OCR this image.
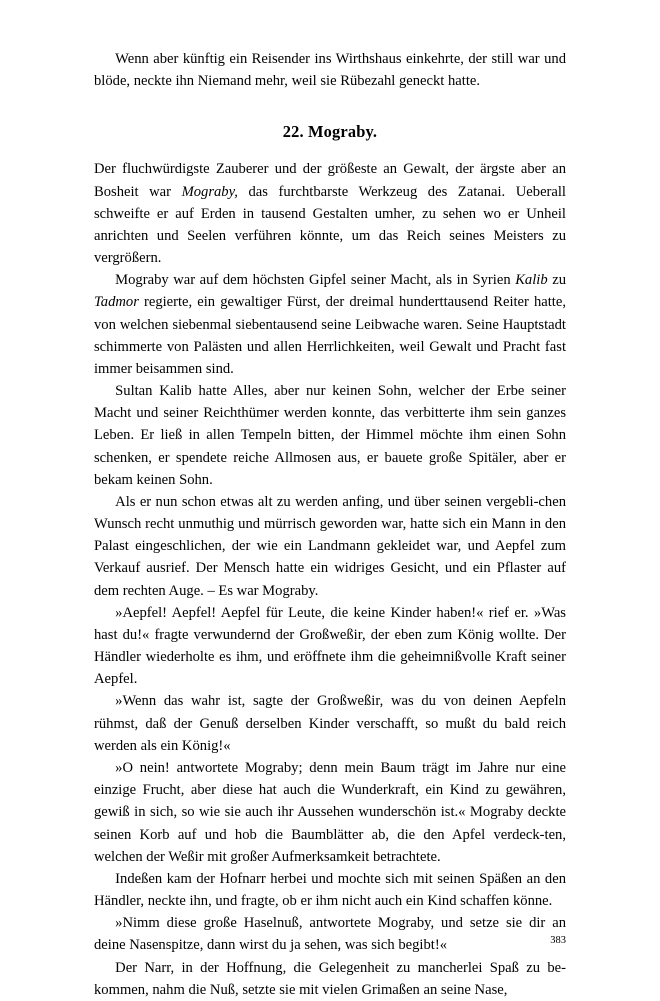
Wenn aber künftig ein Reisender ins Wirthshaus einkehrte, der still war und blöde, neckte ihn Niemand mehr, weil sie Rübezahl geneckt hatte.

22. Mograby.

Der fluchwürdigste Zauberer und der größeste an Gewalt, der ärgste aber an Bosheit war Mograby, das furchtbarste Werkzeug des Zatanai. Ueberall schweifte er auf Erden in tausend Gestalten umher, zu sehen wo er Unheil anrichten und Seelen verführen könnte, um das Reich seines Meisters zu vergrößern.

Mograby war auf dem höchsten Gipfel seiner Macht, als in Syrien Kalib zu Tadmor regierte, ein gewaltiger Fürst, der dreimal hunderttausend Reiter hatte, von welchen siebenmal siebentausend seine Leibwache waren. Seine Hauptstadt schimmerte von Palästen und allen Herrlichkeiten, weil Gewalt und Pracht fast immer beisammen sind.

Sultan Kalib hatte Alles, aber nur keinen Sohn, welcher der Erbe seiner Macht und seiner Reichthümer werden konnte, das verbitterte ihm sein ganzes Leben. Er ließ in allen Tempeln bitten, der Himmel möchte ihm einen Sohn schenken, er spendete reiche Allmosen aus, er bauete große Spitäler, aber er bekam keinen Sohn.

Als er nun schon etwas alt zu werden anfing, und über seinen vergebli-chen Wunsch recht unmuthig und mürrisch geworden war, hatte sich ein Mann in den Palast eingeschlichen, der wie ein Landmann gekleidet war, und Aepfel zum Verkauf ausrief. Der Mensch hatte ein widriges Gesicht, und ein Pflaster auf dem rechten Auge. – Es war Mograby.

»Aepfel! Aepfel! Aepfel für Leute, die keine Kinder haben!« rief er. »Was hast du!« fragte verwundernd der Großweßir, der eben zum König wollte. Der Händler wiederholte es ihm, und eröffnete ihm die geheimnißvolle Kraft seiner Aepfel.

»Wenn das wahr ist, sagte der Großweßir, was du von deinen Aepfeln rühmst, daß der Genuß derselben Kinder verschafft, so mußt du bald reich werden als ein König!«

»O nein! antwortete Mograby; denn mein Baum trägt im Jahre nur eine einzige Frucht, aber diese hat auch die Wunderkraft, ein Kind zu gewähren, gewiß in sich, so wie sie auch ihr Aussehen wunderschön ist.« Mograby deckte seinen Korb auf und hob die Baumblätter ab, die den Apfel verdeck-ten, welchen der Weßir mit großer Aufmerksamkeit betrachtete.

Indeßen kam der Hofnarr herbei und mochte sich mit seinen Späßen an den Händler, neckte ihn, und fragte, ob er ihm nicht auch ein Kind schaffen könne.

»Nimm diese große Haselnuß, antwortete Mograby, und setze sie dir an deine Nasenspitze, dann wirst du ja sehen, was sich begibt!«

Der Narr, in der Hoffnung, die Gelegenheit zu mancherlei Spaß zu be-kommen, nahm die Nuß, setzte sie mit vielen Grimaßen an seine Nase,

383
